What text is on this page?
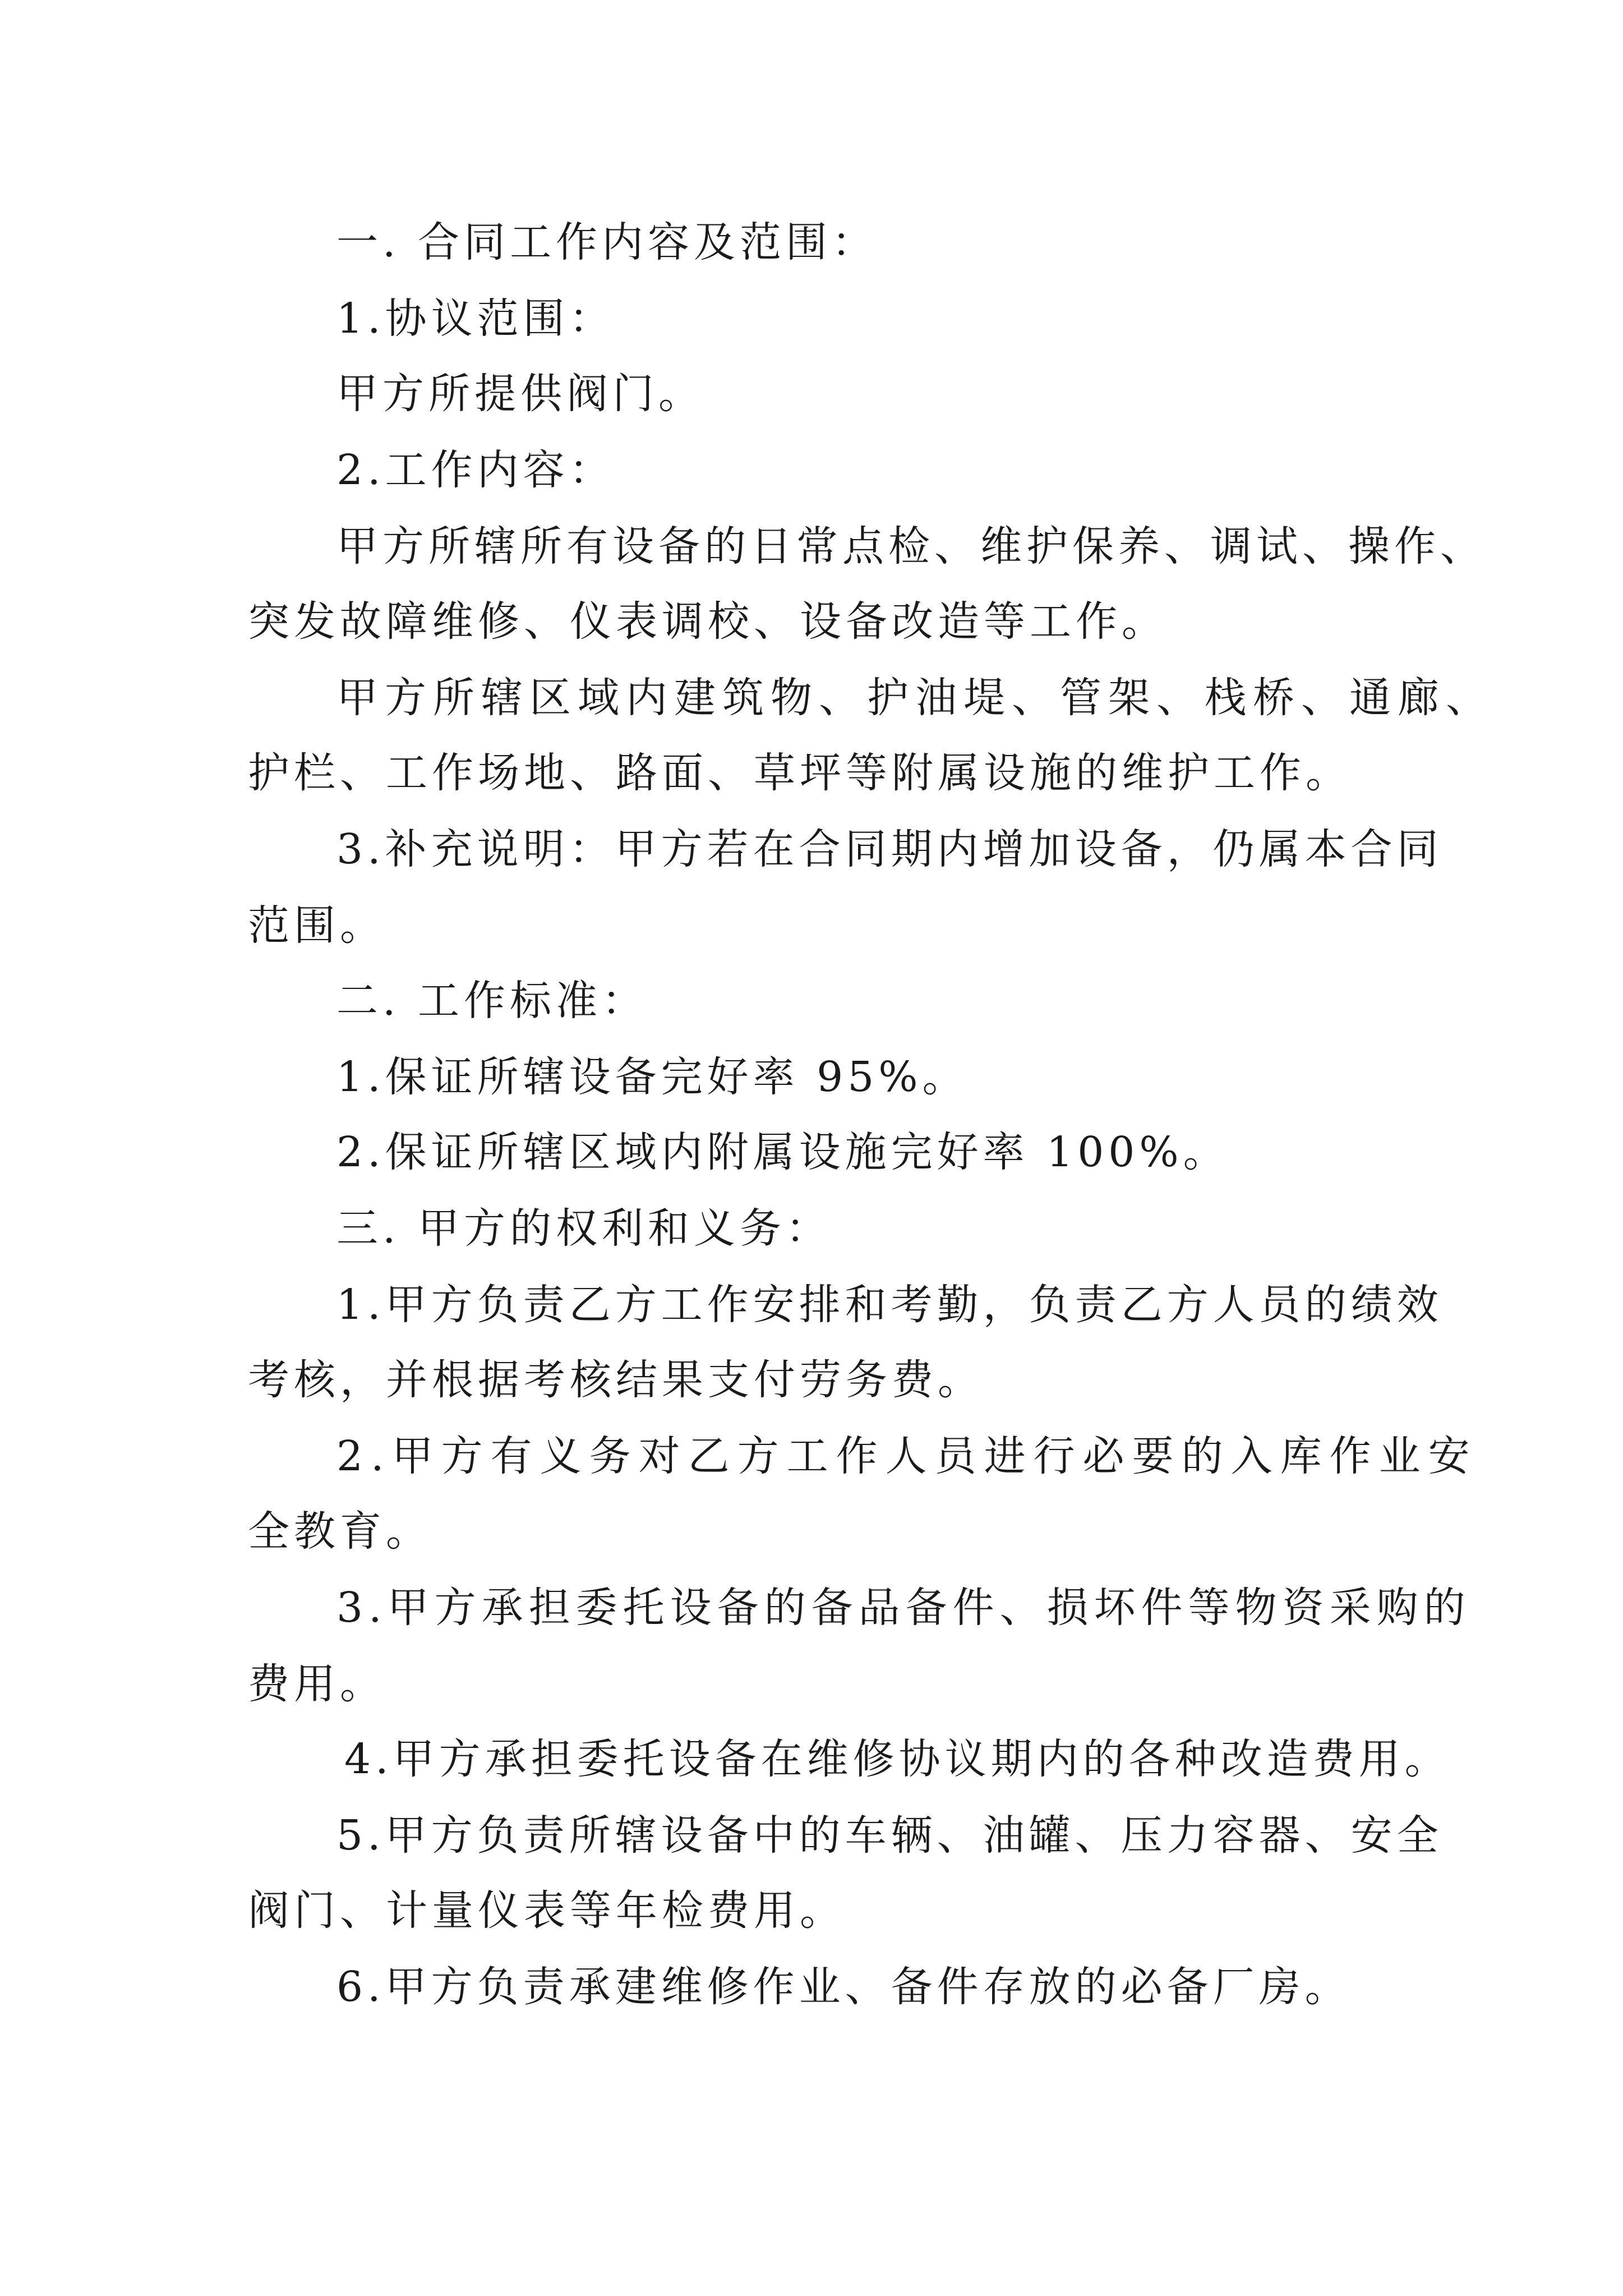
一. 合同工作内容及范围：

1.协议范围：

甲方所提供阀门。

2.工作内容：

甲方所辖所有设备的日常点检、维护保养、调试、操作、

突发故障维修、仪表调校、设备改造等工作。

甲方所辖区域内建筑物、护油堤、管架、栈桥、通廊、

护栏、工作场地、路面、草坪等附属设施的维护工作。

3.补充说明：甲方若在合同期内增加设备，仍属本合同

范围。

二. 工作标准：

1.保证所辖设备完好率 95%。

2.保证所辖区域内附属设施完好率 100%。

三. 甲方的权利和义务：

1.甲方负责乙方工作安排和考勤，负责乙方人员的绩效

考核，并根据考核结果支付劳务费。

2.甲方有义务对乙方工作人员进行必要的入库作业安

全教育。

3.甲方承担委托设备的备品备件、损坏件等物资采购的

费用。

4.甲方承担委托设备在维修协议期内的各种改造费用。

5.甲方负责所辖设备中的车辆、油罐、压力容器、安全

阀门、计量仪表等年检费用。

6.甲方负责承建维修作业、备件存放的必备厂房。
